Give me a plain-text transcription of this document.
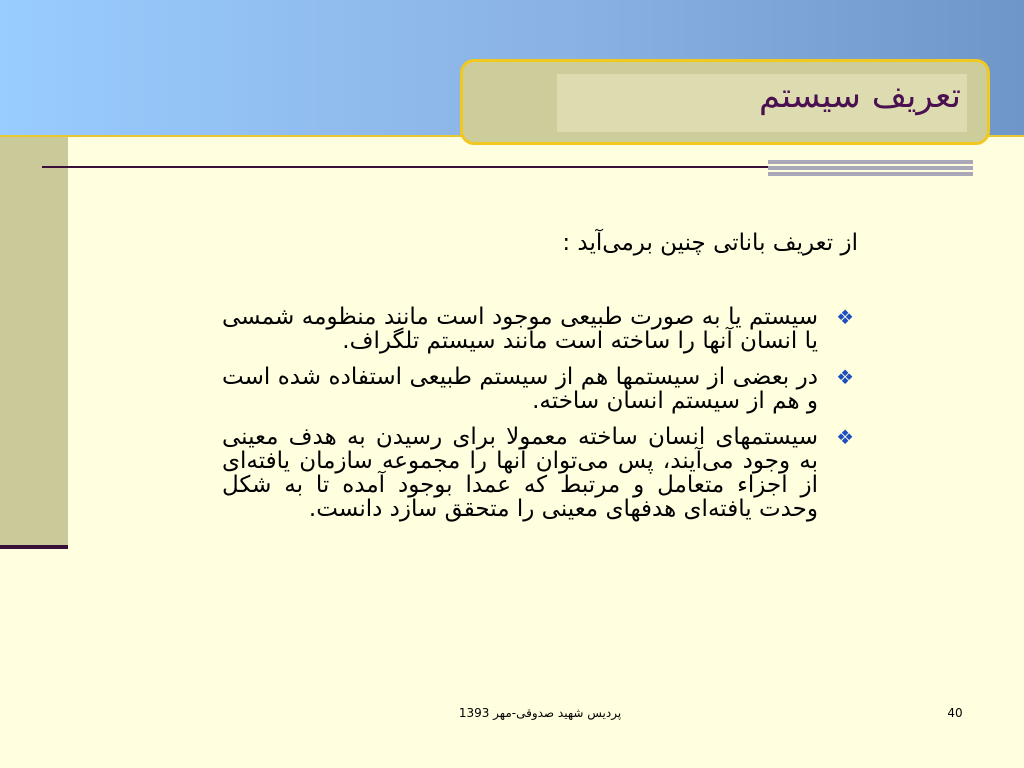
تعریف سیستم
از تعریف باناتی چنین برمی‌آید :
❖
سیستم یا به صورت طبیعی موجود است مانند منظومه شمسی یا انسان آنها را ساخته است مانند سیستم تلگراف.
❖
در بعضی از سیستمها هم از سیستم طبیعی استفاده شده است و هم از سیستم انسان ساخته.
❖
سیستمهای انسان ساخته معمولا برای رسیدن به هدف معینی به وجود می‌آیند، پس می‌توان آنها را مجموعه سازمان یافته‌ای از اجزاء متعامل و مرتبط که عمدا بوجود آمده تا به شکل وحدت یافته‌ای هدفهای معینی را متحقق سازد دانست.
پردیس شهید صدوقی-مهر 1393	40
